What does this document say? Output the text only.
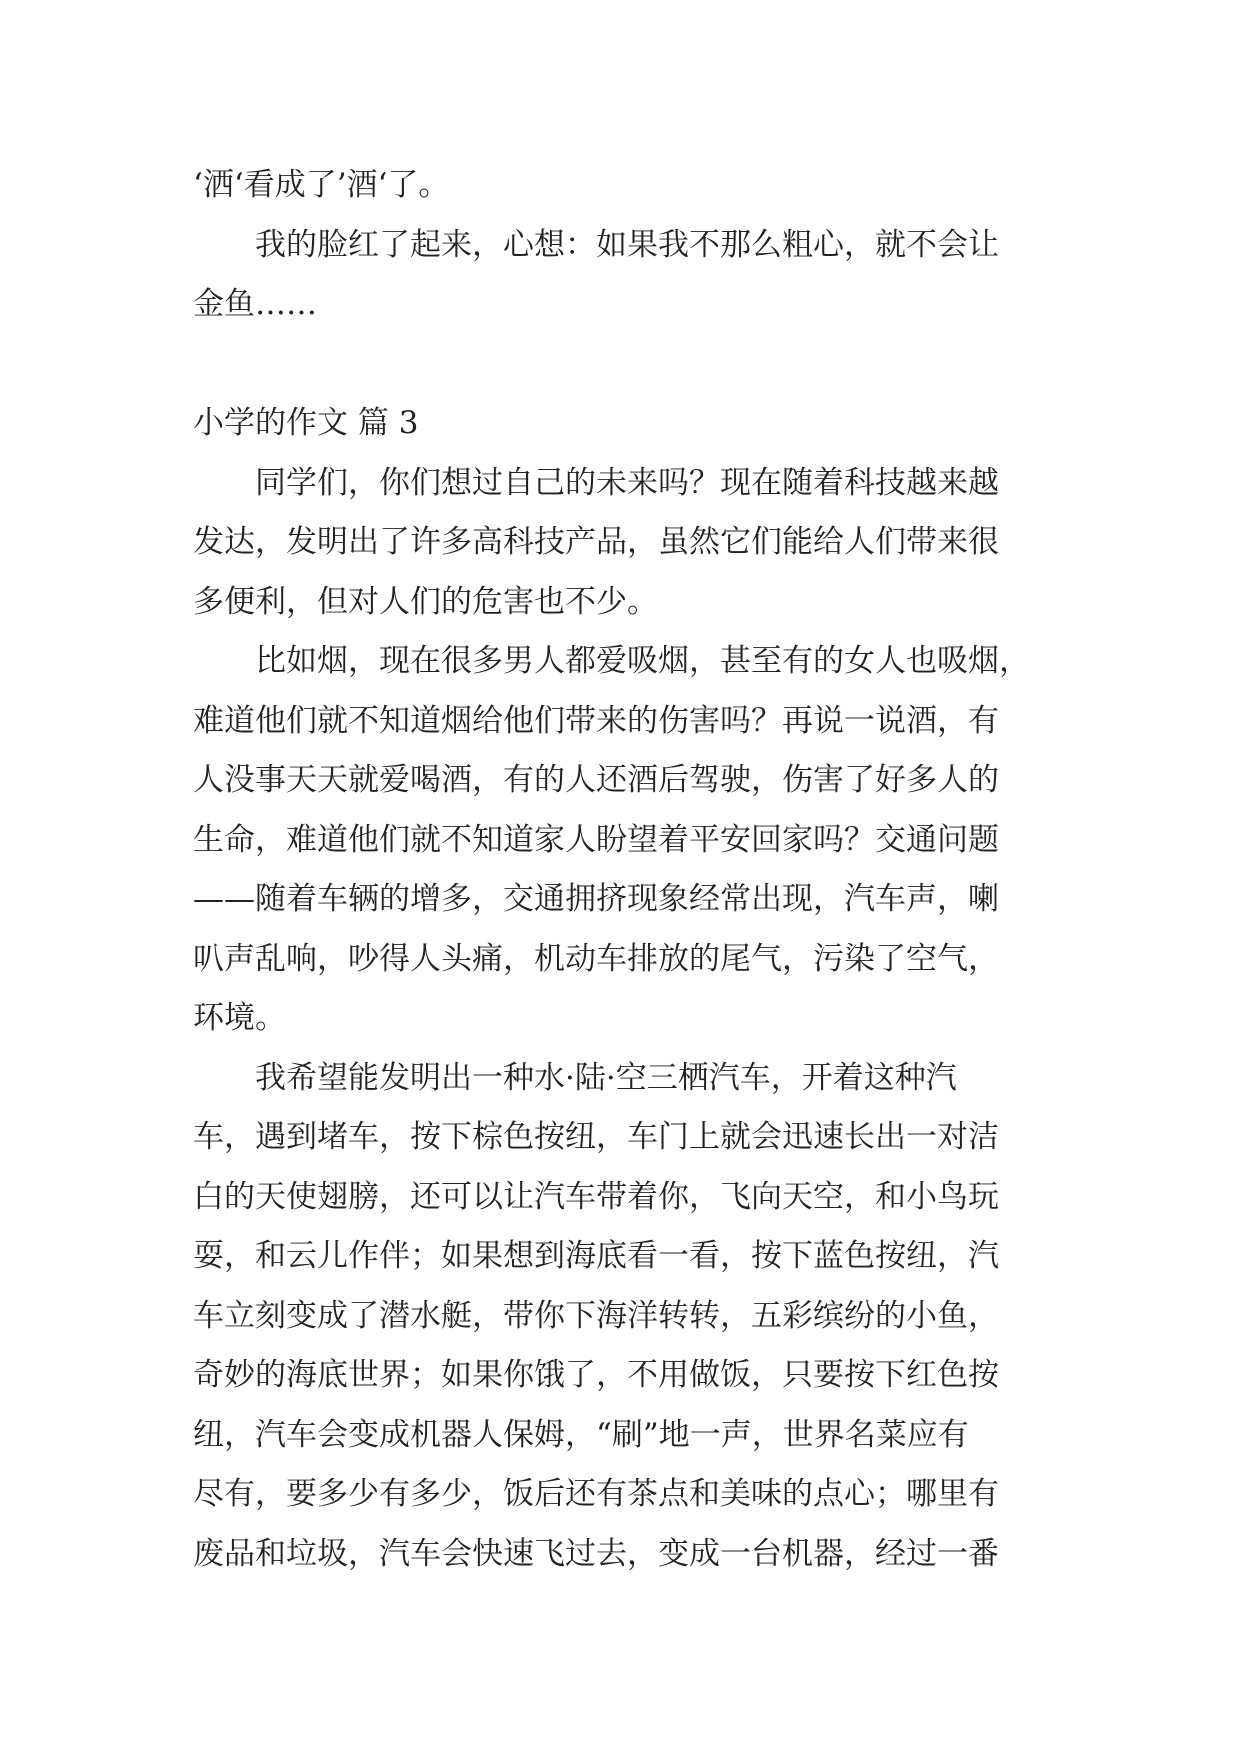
‘洒‘看成了’酒‘了。
　　我的脸红了起来，心想：如果我不那么粗心，就不会让
金鱼……
小学的作文 篇 3
　　同学们，你们想过自己的未来吗？现在随着科技越来越
发达，发明出了许多高科技产品，虽然它们能给人们带来很
多便利，但对人们的危害也不少。
　　比如烟，现在很多男人都爱吸烟，甚至有的女人也吸烟，
难道他们就不知道烟给他们带来的伤害吗？再说一说酒，有
人没事天天就爱喝酒，有的人还酒后驾驶，伤害了好多人的
生命，难道他们就不知道家人盼望着平安回家吗？交通问题
——随着车辆的增多，交通拥挤现象经常出现，汽车声，喇
叭声乱响，吵得人头痛，机动车排放的尾气，污染了空气，
环境。
　　我希望能发明出一种水·陆·空三栖汽车，开着这种汽
车，遇到堵车，按下棕色按纽，车门上就会迅速长出一对洁
白的天使翅膀，还可以让汽车带着你，飞向天空，和小鸟玩
耍，和云儿作伴；如果想到海底看一看，按下蓝色按纽，汽
车立刻变成了潜水艇，带你下海洋转转，五彩缤纷的小鱼，
奇妙的海底世界；如果你饿了，不用做饭，只要按下红色按
纽，汽车会变成机器人保姆，“刷”地一声，世界名菜应有
尽有，要多少有多少，饭后还有茶点和美味的点心；哪里有
废品和垃圾，汽车会快速飞过去，变成一台机器，经过一番
